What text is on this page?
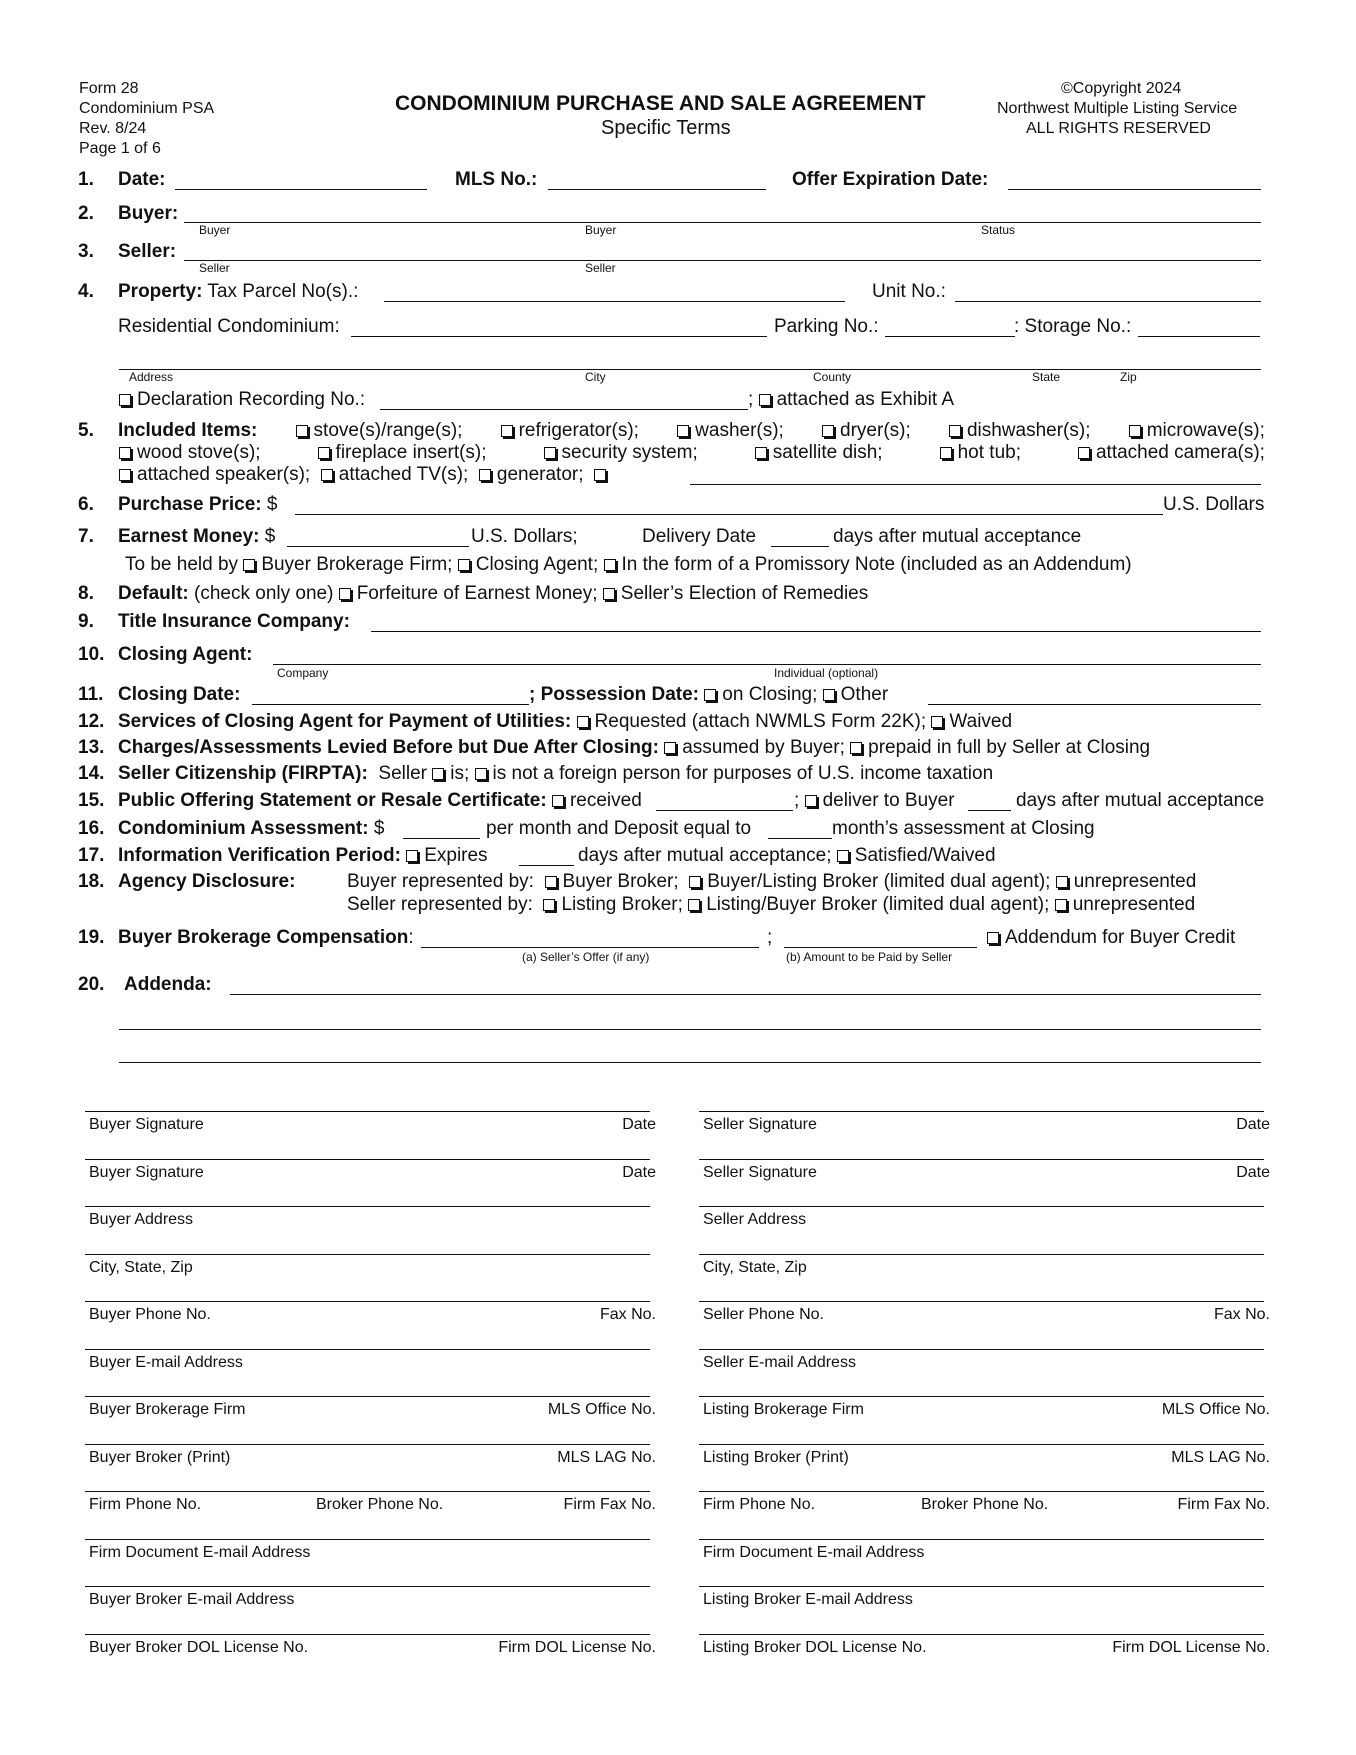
Form 28
Condominium PSA
Rev. 8/24
Page 1 of 6
CONDOMINIUM PURCHASE AND SALE AGREEMENT
Specific Terms
©Copyright 2024
Northwest Multiple Listing Service
ALL RIGHTS RESERVED
1. Date:	MLS No.:	Offer Expiration Date:
2. Buyer:
Buyer	Buyer	Status
3. Seller:
Seller	Seller
4. Property: Tax Parcel No(s).:	Unit No.:
Residential Condominium:	Parking No.:	: Storage No.:
Address	City	County	State	Zip
Declaration Recording No.:	; attached as Exhibit A
5. Included Items:	stove(s)/range(s);	refrigerator(s);	washer(s);	dryer(s);	dishwasher(s);	microwave(s);
wood stove(s);	fireplace insert(s);	security system;	satellite dish;	hot tub;	attached camera(s);
attached speaker(s); attached TV(s); generator;
6. Purchase Price: $	U.S. Dollars
7. Earnest Money: $	U.S. Dollars;	Delivery Date	days after mutual acceptance
To be held by Buyer Brokerage Firm; Closing Agent; In the form of a Promissory Note (included as an Addendum)
8. Default: (check only one) Forfeiture of Earnest Money; Seller’s Election of Remedies
9. Title Insurance Company:
10. Closing Agent:
Company	Individual (optional)
11. Closing Date:	; Possession Date: on Closing; Other
12. Services of Closing Agent for Payment of Utilities: Requested (attach NWMLS Form 22K); Waived
13. Charges/Assessments Levied Before but Due After Closing: assumed by Buyer; prepaid in full by Seller at Closing
14. Seller Citizenship (FIRPTA): Seller is; is not a foreign person for purposes of U.S. income taxation
15. Public Offering Statement or Resale Certificate: received	; deliver to Buyer	days after mutual acceptance
16. Condominium Assessment: $	per month and Deposit equal to	month’s assessment at Closing
17. Information Verification Period: Expires	days after mutual acceptance; Satisfied/Waived
18. Agency Disclosure:	Buyer represented by: Buyer Broker; Buyer/Listing Broker (limited dual agent); unrepresented
Seller represented by: Listing Broker; Listing/Buyer Broker (limited dual agent); unrepresented
19. Buyer Brokerage Compensation:	;	Addendum for Buyer Credit
(a) Seller’s Offer (if any)	(b) Amount to be Paid by Seller
20. Addenda:
Buyer Signature	Date
Buyer Signature	Date
Buyer Address
City, State, Zip
Buyer Phone No.	Fax No.
Buyer E-mail Address
Buyer Brokerage Firm	MLS Office No.
Buyer Broker (Print)	MLS LAG No.
Firm Phone No.	Broker Phone No.	Firm Fax No.
Firm Document E-mail Address
Buyer Broker E-mail Address
Buyer Broker DOL License No.	Firm DOL License No.
Seller Signature	Date
Seller Signature	Date
Seller Address
City, State, Zip
Seller Phone No.	Fax No.
Seller E-mail Address
Listing Brokerage Firm	MLS Office No.
Listing Broker (Print)	MLS LAG No.
Firm Phone No.	Broker Phone No.	Firm Fax No.
Firm Document E-mail Address
Listing Broker E-mail Address
Listing Broker DOL License No.	Firm DOL License No.
